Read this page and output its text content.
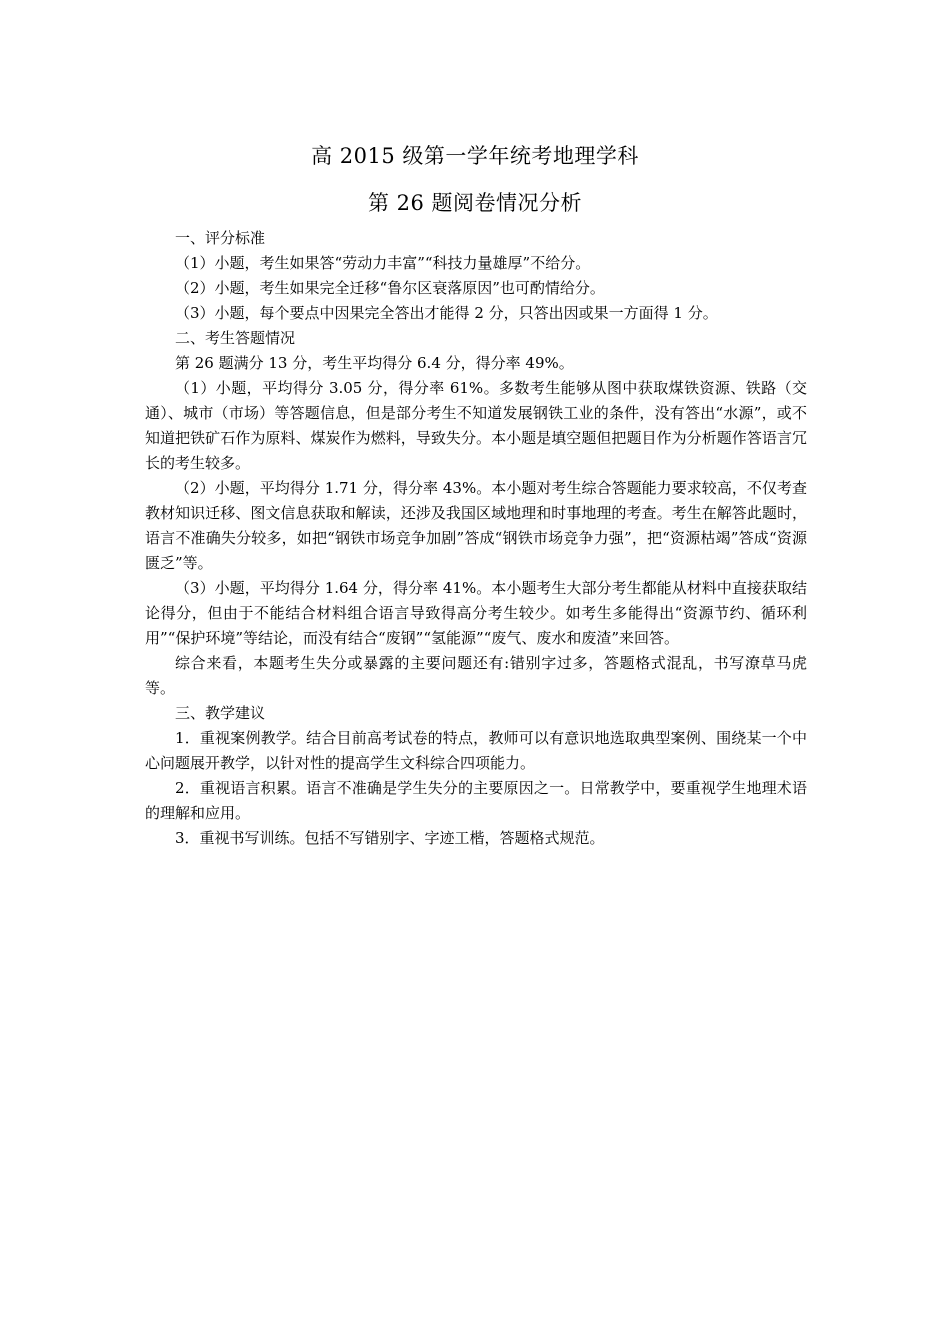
高 2015 级第一学年统考地理学科
第 26 题阅卷情况分析

一、评分标准

（1）小题，考生如果答“劳动力丰富”“科技力量雄厚”不给分。

（2）小题，考生如果完全迁移“鲁尔区衰落原因”也可酌情给分。

（3）小题，每个要点中因果完全答出才能得 2 分，只答出因或果一方面得 1 分。

二、考生答题情况

第 26 题满分 13 分，考生平均得分 6.4 分，得分率 49%。

（1）小题，平均得分 3.05 分，得分率 61%。多数考生能够从图中获取煤铁资源、铁路（交通）、城市（市场）等答题信息，但是部分考生不知道发展钢铁工业的条件，没有答出“水源”，或不知道把铁矿石作为原料、煤炭作为燃料，导致失分。本小题是填空题但把题目作为分析题作答语言冗长的考生较多。

（2）小题，平均得分 1.71 分，得分率 43%。本小题对考生综合答题能力要求较高，不仅考查教材知识迁移、图文信息获取和解读，还涉及我国区域地理和时事地理的考查。考生在解答此题时，语言不准确失分较多，如把“钢铁市场竞争加剧”答成“钢铁市场竞争力强”，把“资源枯竭”答成“资源匮乏”等。

（3）小题，平均得分 1.64 分，得分率 41%。本小题考生大部分考生都能从材料中直接获取结论得分，但由于不能结合材料组合语言导致得高分考生较少。如考生多能得出“资源节约、循环利用”“保护环境”等结论，而没有结合“废钢”“氢能源”“废气、废水和废渣”来回答。

综合来看，本题考生失分或暴露的主要问题还有:错别字过多，答题格式混乱，书写潦草马虎等。

三、教学建议

1．重视案例教学。结合目前高考试卷的特点，教师可以有意识地选取典型案例、围绕某一个中心问题展开教学，以针对性的提高学生文科综合四项能力。

2．重视语言积累。语言不准确是学生失分的主要原因之一。日常教学中，要重视学生地理术语的理解和应用。

3．重视书写训练。包括不写错别字、字迹工楷，答题格式规范。
